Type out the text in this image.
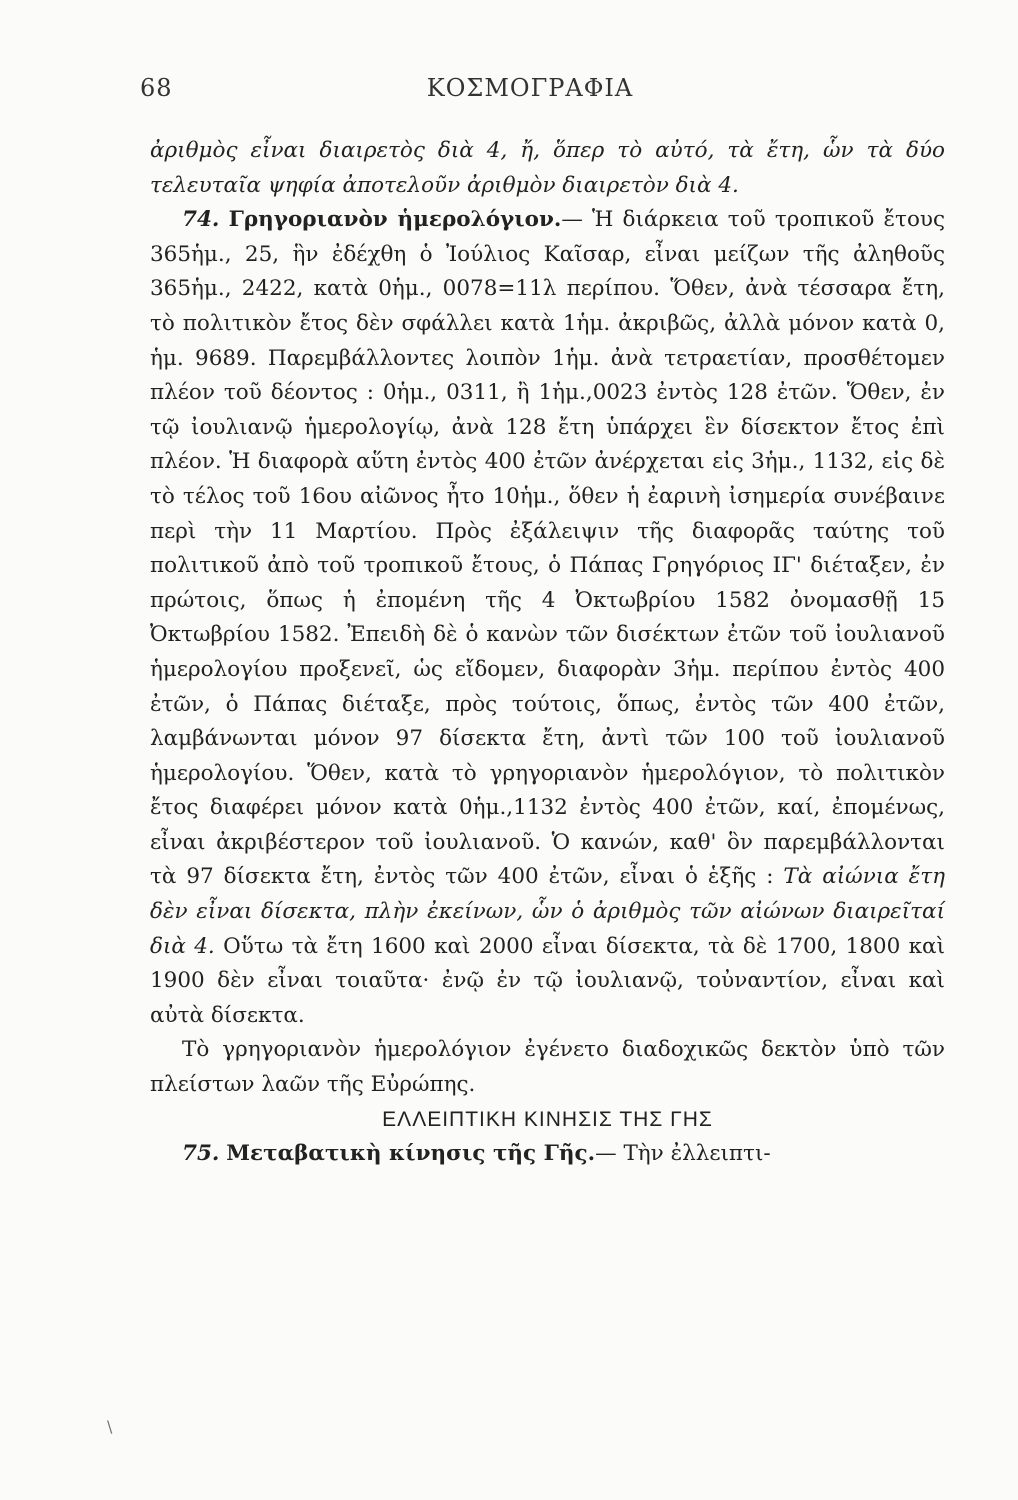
68	ΚΟΣΜΟΓΡΑΦΙΑ

ἀριθμὸς εἶναι διαιρετὸς διὰ 4, ἤ, ὅπερ τὸ αὐτό, τὰ ἔτη, ὧν τὰ δύο τελευταῖα ψηφία ἀποτελοῦν ἀριθμὸν διαιρετὸν διὰ 4.

74. Γρηγοριανὸν ἡμερολόγιον.— Ἡ διάρκεια τοῦ τροπικοῦ ἔτους 365ἡμ., 25, ἣν ἐδέχθη ὁ Ἰούλιος Καῖσαρ, εἶναι μείζων τῆς ἀληθοῦς 365ἡμ., 2422, κατὰ 0ἡμ., 0078=11λ περίπου. Ὅθεν, ἀνὰ τέσσαρα ἔτη, τὸ πολιτικὸν ἔτος δὲν σφάλλει κατὰ 1ἡμ. ἀκριβῶς, ἀλλὰ μόνον κατὰ 0, ἡμ. 9689. Παρεμβάλλοντες λοιπὸν 1ἡμ. ἀνὰ τετραετίαν, προσθέτομεν πλέον τοῦ δέοντος : 0ἡμ., 0311, ἢ 1ἡμ.,0023 ἐντὸς 128 ἐτῶν. Ὅθεν, ἐν τῷ ἰουλιανῷ ἡμερολογίῳ, ἀνὰ 128 ἔτη ὑπάρχει ἓν δίσεκτον ἔτος ἐπὶ πλέον. Ἡ διαφορὰ αὕτη ἐντὸς 400 ἐτῶν ἀνέρχεται εἰς 3ἡμ., 1132, εἰς δὲ τὸ τέλος τοῦ 16ου αἰῶνος ἦτο 10ἡμ., ὅθεν ἡ ἐαρινὴ ἰσημερία συνέβαινε περὶ τὴν 11 Μαρτίου. Πρὸς ἐξάλειψιν τῆς διαφορᾶς ταύτης τοῦ πολιτικοῦ ἀπὸ τοῦ τροπικοῦ ἔτους, ὁ Πάπας Γρηγόριος ΙΓ' διέταξεν, ἐν πρώτοις, ὅπως ἡ ἐπομένη τῆς 4 Ὀκτωβρίου 1582 ὀνομασθῇ 15 Ὀκτωβρίου 1582. Ἐπειδὴ δὲ ὁ κανὼν τῶν δισέκτων ἐτῶν τοῦ ἰουλιανοῦ ἡμερολογίου προξενεῖ, ὡς εἴδομεν, διαφορὰν 3ἡμ. περίπου ἐντὸς 400 ἐτῶν, ὁ Πάπας διέταξε, πρὸς τούτοις, ὅπως, ἐντὸς τῶν 400 ἐτῶν, λαμβάνωνται μόνον 97 δίσεκτα ἔτη, ἀντὶ τῶν 100 τοῦ ἰουλιανοῦ ἡμερολογίου. Ὅθεν, κατὰ τὸ γρηγοριανὸν ἡμερολόγιον, τὸ πολιτικὸν ἔτος διαφέρει μόνον κατὰ 0ἡμ.,1132 ἐντὸς 400 ἐτῶν, καί, ἐπομένως, εἶναι ἀκριβέστερον τοῦ ἰουλιανοῦ. Ὁ κανών, καθ' ὃν παρεμβάλλονται τὰ 97 δίσεκτα ἔτη, ἐντὸς τῶν 400 ἐτῶν, εἶναι ὁ ἑξῆς : Τὰ αἰώνια ἔτη δὲν εἶναι δίσεκτα, πλὴν ἐκείνων, ὧν ὁ ἀριθμὸς τῶν αἰώνων διαιρεῖταί διὰ 4. Οὕτω τὰ ἔτη 1600 καὶ 2000 εἶναι δίσεκτα, τὰ δὲ 1700, 1800 καὶ 1900 δὲν εἶναι τοιαῦτα· ἐνῷ ἐν τῷ ἰουλιανῷ, τοὐναντίον, εἶναι καὶ αὐτὰ δίσεκτα.

Τὸ γρηγοριανὸν ἡμερολόγιον ἐγένετο διαδοχικῶς δεκτὸν ὑπὸ τῶν πλείστων λαῶν τῆς Εὐρώπης.

ΕΛΛΕΙΠΤΙΚΗ ΚΙΝΗΣΙΣ ΤΗΣ ΓΗΣ

75. Μεταβατικὴ κίνησις τῆς Γῆς.— Τὴν ἐλλειπτι-

\
